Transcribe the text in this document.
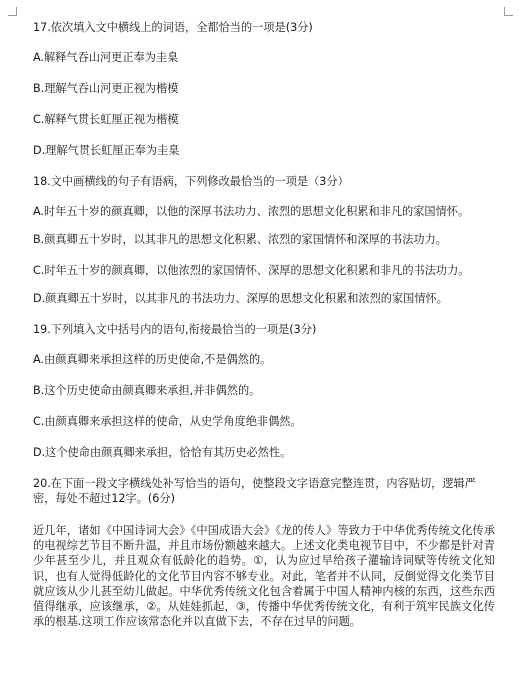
17.依次填入文中横线上的词语，全都恰当的一项是(3分)
A.解释气吞山河更正奉为圭臬
B.理解气吞山河更正视为楷模
C.解释气贯长虹厘正视为楷模
D.理解气贯长虹厘正奉为圭臬
18.文中画横线的句子有语病，下列修改最恰当的一项是（3分）
A.时年五十岁的颜真卿，以他的深厚书法功力、浓烈的思想文化积累和非凡的家国情怀。
B.颜真卿五十岁时，以其非凡的思想文化积累、浓烈的家国情怀和深厚的书法功力。
C.时年五十岁的颜真卿，以他浓烈的家国情怀、深厚的思想文化积累和非凡的书法功力。
D.颜真卿五十岁时，以其非凡的书法功力、深厚的思想文化积累和浓烈的家国情怀。
19.下列填入文中括号内的语句,衔接最恰当的一项是(3分)
A.由颜真卿来承担这样的历史使命,不是偶然的。
B.这个历史使命由颜真卿来承担,并非偶然的。
C.由颜真卿来承担这样的使命，从史学角度绝非偶然。
D.这个使命由颜真卿来承担，恰恰有其历史必然性。
20.在下面一段文字横线处补写恰当的语句，使整段文字语意完整连贯，内容贴切，逻辑严密，每处不超过12字。(6分)
近几年，诸如《中国诗词大会》《中国成语大会》《龙的传人》等致力于中华优秀传统文化传承的电视综艺节目不断升温，并且市场份额越来越大。上述文化类电视节目中，不少都是针对青少年甚至少儿，并且观众有低龄化的趋势。①，认为应过早给孩子灌输诗词赋等传统文化知识，也有人觉得低龄化的文化节目内容不够专业。对此，笔者并不认同，反倒觉得文化类节目就应该从少儿甚至幼儿做起。中华优秀传统文化包含着属于中国人精神内核的东西，这些东西值得继承，应该继承，②。从娃娃抓起，③，传播中华优秀传统文化，有利于筑牢民族文化传承的根基.这项工作应该常态化并以直做下去，不存在过早的问题。
